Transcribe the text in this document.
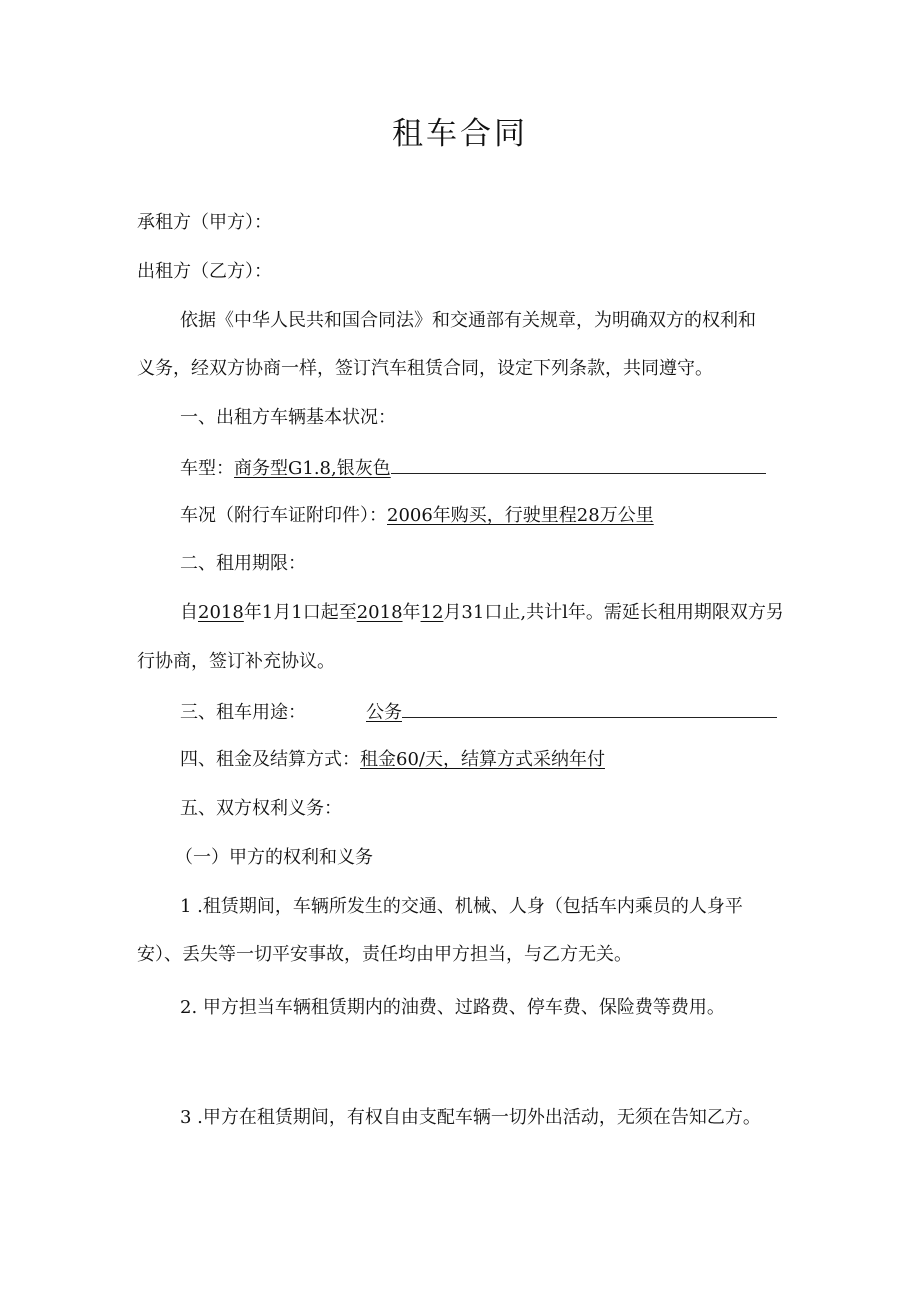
租车合同
承租方（甲方）：
出租方（乙方）：
依据《中华人民共和国合同法》和交通部有关规章，为明确双方的权利和
义务，经双方协商一样，签订汽车租赁合同，设定下列条款，共同遵守。
一、出租方车辆基本状况：
车型：商务型G1.8,银灰色
车况（附行车证附印件）：2006年购买，行驶里程28万公里
二、租用期限：
自2018年1月1口起至2018年12月31口止,共计l年。需延长租用期限双方另
行协商，签订补充协议。
三、租车用途：	公务
四、租金及结算方式：租金60/天，结算方式采纳年付
五、双方权利义务：
（一）甲方的权利和义务
1 .租赁期间，车辆所发生的交通、机械、人身（包括车内乘员的人身平
安）、丢失等一切平安事故，责任均由甲方担当，与乙方无关。
2. 甲方担当车辆租赁期内的油费、过路费、停车费、保险费等费用。
3 .甲方在租赁期间，有权自由支配车辆一切外出活动，无须在告知乙方。
